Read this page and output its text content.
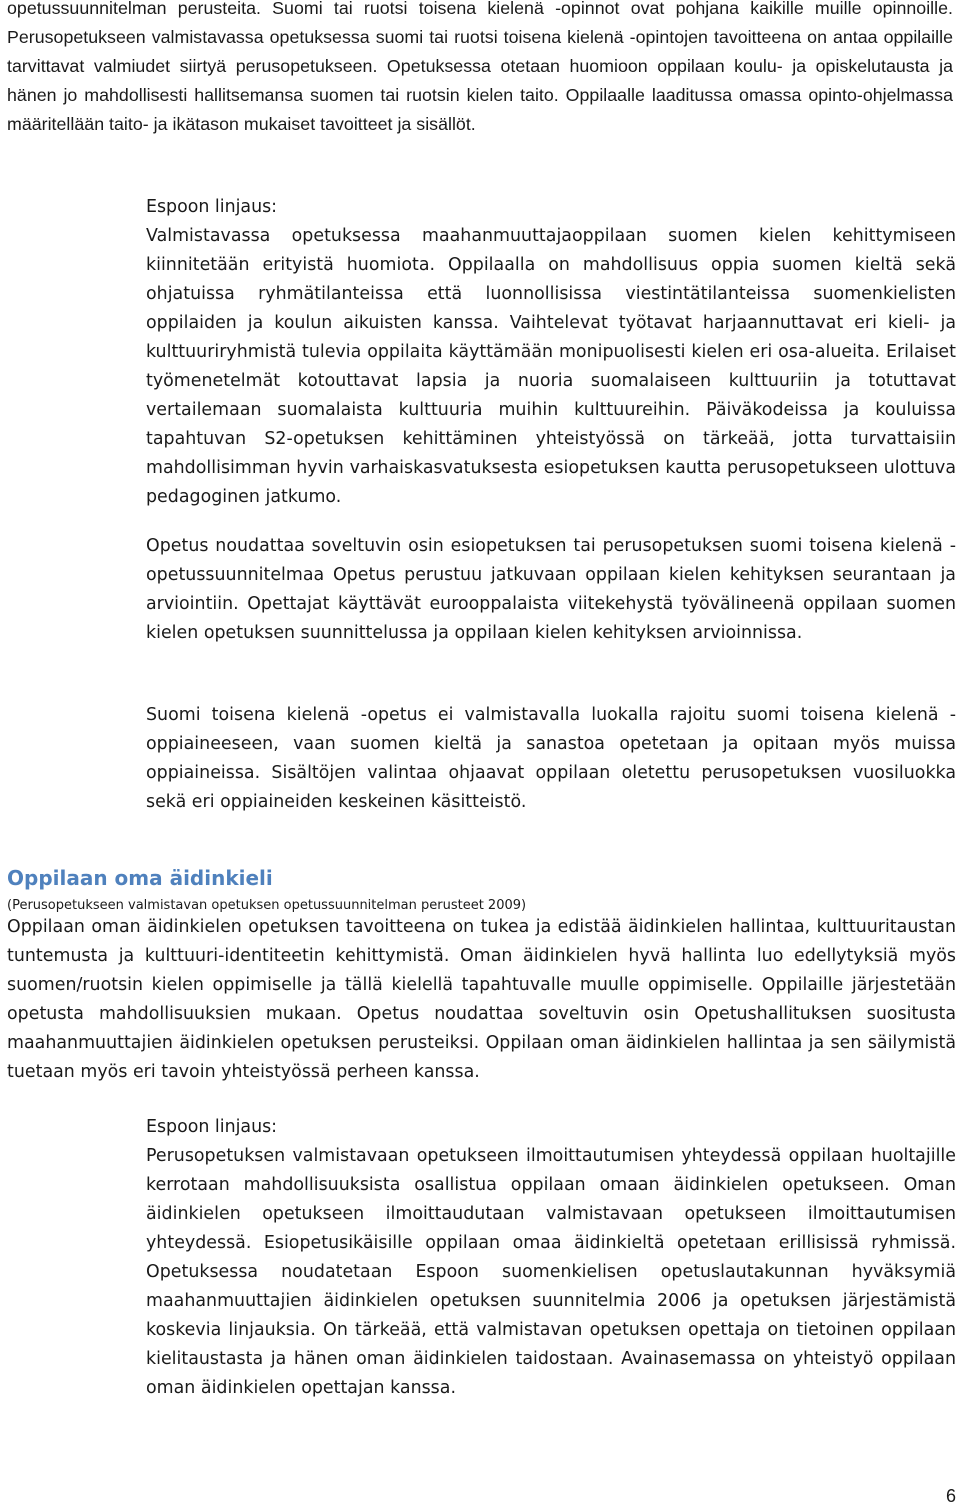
opetussuunnitelman perusteita. Suomi tai ruotsi toisena kielenä -opinnot ovat pohjana kaikille muille opinnoille. Perusopetukseen valmistavassa opetuksessa suomi tai ruotsi toisena kielenä -opintojen tavoitteena on antaa oppilaille tarvittavat valmiudet siirtyä perusopetukseen. Opetuksessa otetaan huomioon oppilaan koulu- ja opiskelutausta ja hänen jo mahdollisesti hallitsemansa suomen tai ruotsin kielen taito. Oppilaalle laaditussa omassa opinto-ohjelmassa määritellään taito- ja ikätason mukaiset tavoitteet ja sisällöt.

Espoon linjaus:

Valmistavassa opetuksessa maahanmuuttajaoppilaan suomen kielen kehittymiseen kiinnitetään erityistä huomiota. Oppilaalla on mahdollisuus oppia suomen kieltä sekä ohjatuissa ryhmätilanteissa että luonnollisissa viestintätilanteissa suomenkielisten oppilaiden ja koulun aikuisten kanssa. Vaihtelevat työtavat harjaannuttavat eri kieli- ja kulttuuriryhmistä tulevia oppilaita käyttämään monipuolisesti kielen eri osa-alueita. Erilaiset työmenetelmät kotouttavat lapsia ja nuoria suomalaiseen kulttuuriin ja totuttavat vertailemaan suomalaista kulttuuria muihin kulttuureihin. Päiväkodeissa ja kouluissa tapahtuvan S2-opetuksen kehittäminen yhteistyössä on tärkeää, jotta turvattaisiin mahdollisimman hyvin varhaiskasvatuksesta esiopetuksen kautta perusopetukseen ulottuva pedagoginen jatkumo.

Opetus noudattaa soveltuvin osin esiopetuksen tai perusopetuksen suomi toisena kielenä -opetussuunnitelmaa Opetus perustuu jatkuvaan oppilaan kielen kehityksen seurantaan ja arviointiin. Opettajat käyttävät eurooppalaista viitekehystä työvälineenä oppilaan suomen kielen opetuksen suunnittelussa ja oppilaan kielen kehityksen arvioinnissa.

Suomi toisena kielenä -opetus ei valmistavalla luokalla rajoitu suomi toisena kielenä -oppiaineeseen, vaan suomen kieltä ja sanastoa opetetaan ja opitaan myös muissa oppiaineissa. Sisältöjen valintaa ohjaavat oppilaan oletettu perusopetuksen vuosiluokka sekä eri oppiaineiden keskeinen käsitteistö.

Oppilaan oma äidinkieli

(Perusopetukseen valmistavan opetuksen opetussuunnitelman perusteet 2009)

Oppilaan oman äidinkielen opetuksen tavoitteena on tukea ja edistää äidinkielen hallintaa, kulttuuritaustan tuntemusta ja kulttuuri-identiteetin kehittymistä. Oman äidinkielen hyvä hallinta luo edellytyksiä myös suomen/ruotsin kielen oppimiselle ja tällä kielellä tapahtuvalle muulle oppimiselle. Oppilaille järjestetään opetusta mahdollisuuksien mukaan. Opetus noudattaa soveltuvin osin Opetushallituksen suositusta maahanmuuttajien äidinkielen opetuksen perusteiksi. Oppilaan oman äidinkielen hallintaa ja sen säilymistä tuetaan myös eri tavoin yhteistyössä perheen kanssa.

Espoon linjaus:

Perusopetuksen valmistavaan opetukseen ilmoittautumisen yhteydessä oppilaan huoltajille kerrotaan mahdollisuuksista osallistua oppilaan omaan äidinkielen opetukseen. Oman äidinkielen opetukseen ilmoittaudutaan valmistavaan opetukseen ilmoittautumisen yhteydessä. Esiopetusikäisille oppilaan omaa äidinkieltä opetetaan erillisissä ryhmissä. Opetuksessa noudatetaan Espoon suomenkielisen opetuslautakunnan hyväksymiä maahanmuuttajien äidinkielen opetuksen suunnitelmia 2006 ja opetuksen järjestämistä koskevia linjauksia. On tärkeää, että valmistavan opetuksen opettaja on tietoinen oppilaan kielitaustasta ja hänen oman äidinkielen taidostaan. Avainasemassa on yhteistyö oppilaan oman äidinkielen opettajan kanssa.

6
